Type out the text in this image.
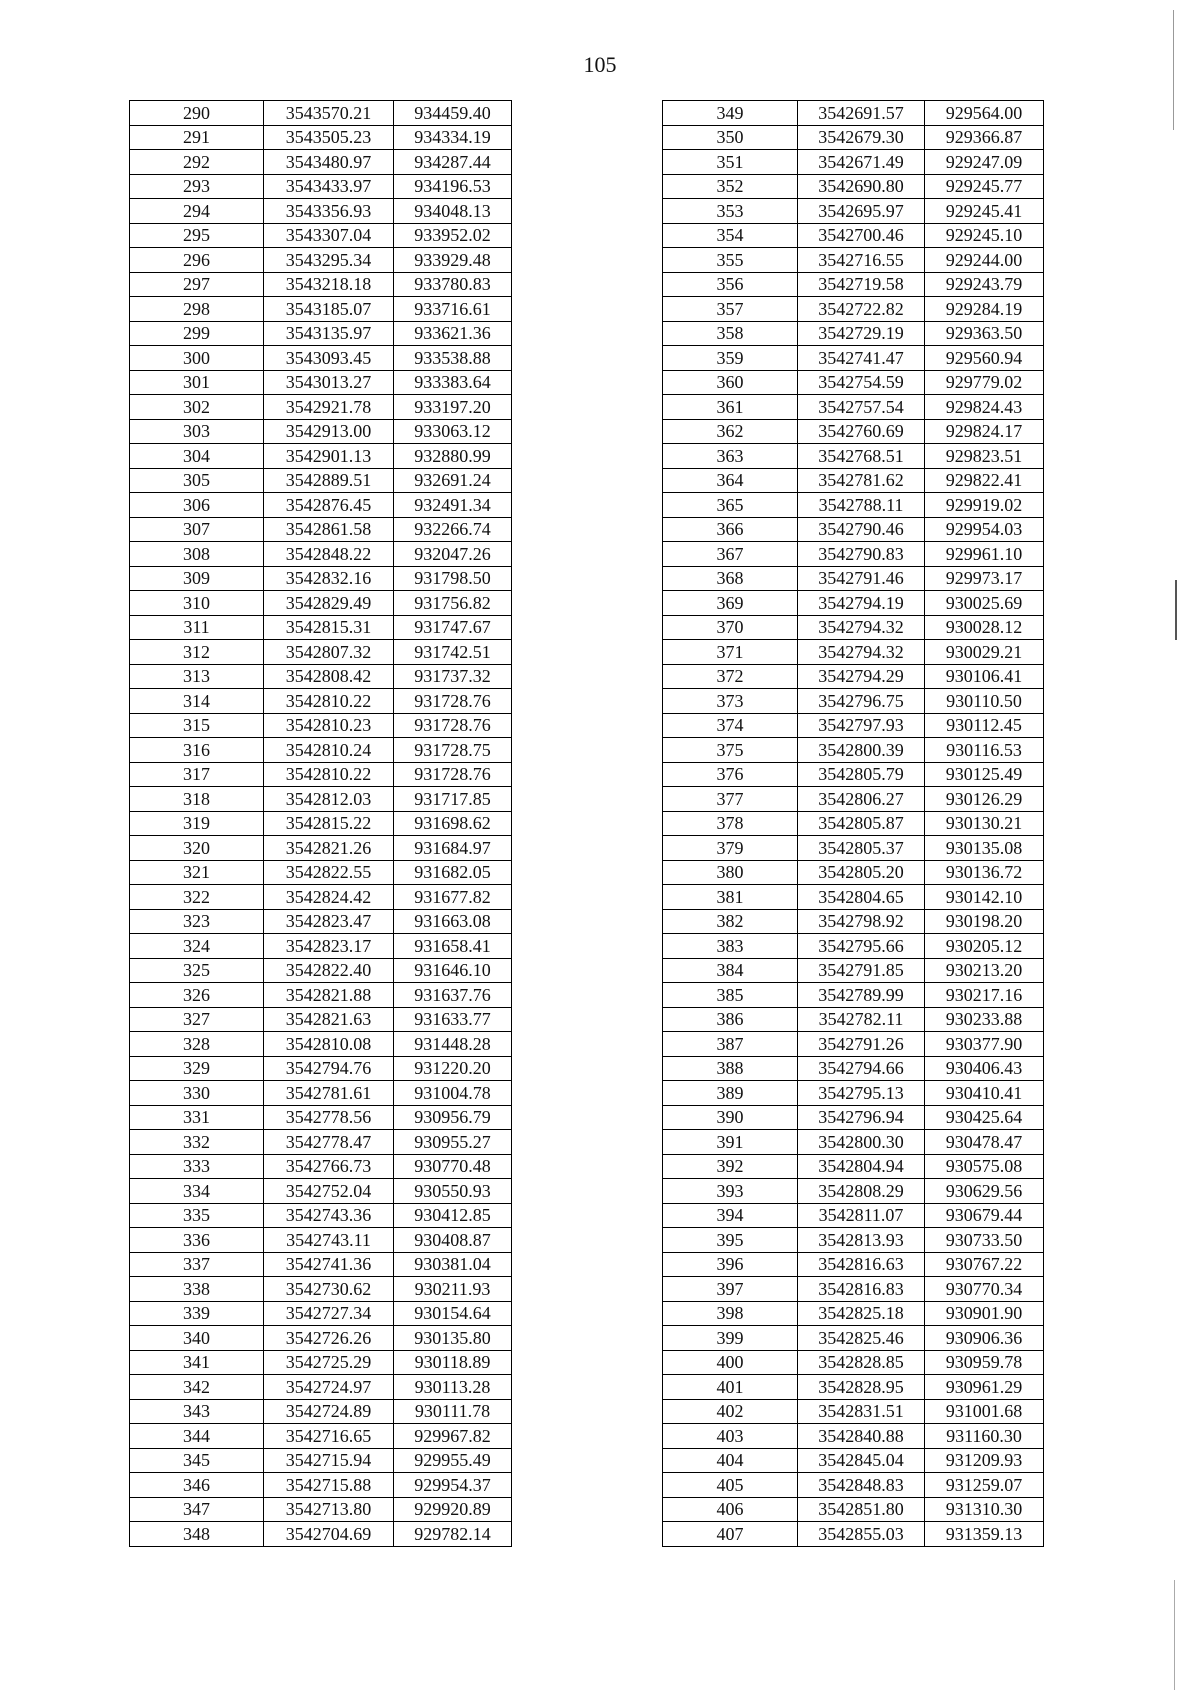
105
290	3543570.21	934459.40
291	3543505.23	934334.19
292	3543480.97	934287.44
293	3543433.97	934196.53
294	3543356.93	934048.13
295	3543307.04	933952.02
296	3543295.34	933929.48
297	3543218.18	933780.83
298	3543185.07	933716.61
299	3543135.97	933621.36
300	3543093.45	933538.88
301	3543013.27	933383.64
302	3542921.78	933197.20
303	3542913.00	933063.12
304	3542901.13	932880.99
305	3542889.51	932691.24
306	3542876.45	932491.34
307	3542861.58	932266.74
308	3542848.22	932047.26
309	3542832.16	931798.50
310	3542829.49	931756.82
311	3542815.31	931747.67
312	3542807.32	931742.51
313	3542808.42	931737.32
314	3542810.22	931728.76
315	3542810.23	931728.76
316	3542810.24	931728.75
317	3542810.22	931728.76
318	3542812.03	931717.85
319	3542815.22	931698.62
320	3542821.26	931684.97
321	3542822.55	931682.05
322	3542824.42	931677.82
323	3542823.47	931663.08
324	3542823.17	931658.41
325	3542822.40	931646.10
326	3542821.88	931637.76
327	3542821.63	931633.77
328	3542810.08	931448.28
329	3542794.76	931220.20
330	3542781.61	931004.78
331	3542778.56	930956.79
332	3542778.47	930955.27
333	3542766.73	930770.48
334	3542752.04	930550.93
335	3542743.36	930412.85
336	3542743.11	930408.87
337	3542741.36	930381.04
338	3542730.62	930211.93
339	3542727.34	930154.64
340	3542726.26	930135.80
341	3542725.29	930118.89
342	3542724.97	930113.28
343	3542724.89	930111.78
344	3542716.65	929967.82
345	3542715.94	929955.49
346	3542715.88	929954.37
347	3542713.80	929920.89
348	3542704.69	929782.14
349	3542691.57	929564.00
350	3542679.30	929366.87
351	3542671.49	929247.09
352	3542690.80	929245.77
353	3542695.97	929245.41
354	3542700.46	929245.10
355	3542716.55	929244.00
356	3542719.58	929243.79
357	3542722.82	929284.19
358	3542729.19	929363.50
359	3542741.47	929560.94
360	3542754.59	929779.02
361	3542757.54	929824.43
362	3542760.69	929824.17
363	3542768.51	929823.51
364	3542781.62	929822.41
365	3542788.11	929919.02
366	3542790.46	929954.03
367	3542790.83	929961.10
368	3542791.46	929973.17
369	3542794.19	930025.69
370	3542794.32	930028.12
371	3542794.32	930029.21
372	3542794.29	930106.41
373	3542796.75	930110.50
374	3542797.93	930112.45
375	3542800.39	930116.53
376	3542805.79	930125.49
377	3542806.27	930126.29
378	3542805.87	930130.21
379	3542805.37	930135.08
380	3542805.20	930136.72
381	3542804.65	930142.10
382	3542798.92	930198.20
383	3542795.66	930205.12
384	3542791.85	930213.20
385	3542789.99	930217.16
386	3542782.11	930233.88
387	3542791.26	930377.90
388	3542794.66	930406.43
389	3542795.13	930410.41
390	3542796.94	930425.64
391	3542800.30	930478.47
392	3542804.94	930575.08
393	3542808.29	930629.56
394	3542811.07	930679.44
395	3542813.93	930733.50
396	3542816.63	930767.22
397	3542816.83	930770.34
398	3542825.18	930901.90
399	3542825.46	930906.36
400	3542828.85	930959.78
401	3542828.95	930961.29
402	3542831.51	931001.68
403	3542840.88	931160.30
404	3542845.04	931209.93
405	3542848.83	931259.07
406	3542851.80	931310.30
407	3542855.03	931359.13
